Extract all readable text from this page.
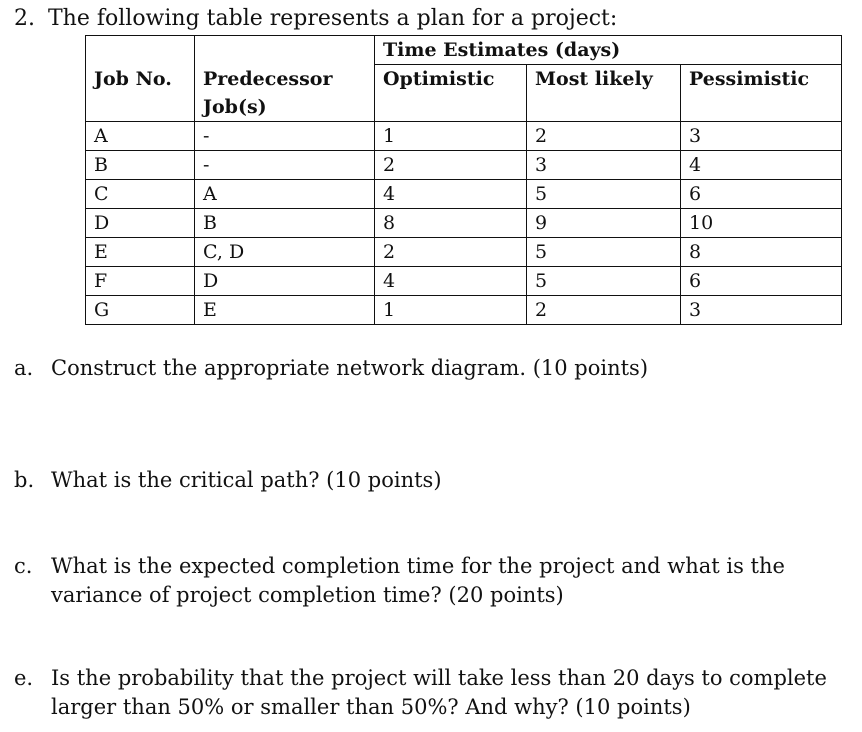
2. The following table represents a plan for a project:
		Time Estimates (days)		
Job No.	Predecessor
Job(s)	Optimistic	Most likely	Pessimistic
A	-	1	2	3
B	-	2	3	4
C	A	4	5	6
D	B	8	9	10
E	C, D	2	5	8
F	D	4	5	6
G	E	1	2	3
a. Construct the appropriate network diagram. (10 points)
b. What is the critical path? (10 points)
c. What is the expected completion time for the project and what is the
variance of project completion time? (20 points)
e. Is the probability that the project will take less than 20 days to complete
larger than 50% or smaller than 50%? And why? (10 points)
